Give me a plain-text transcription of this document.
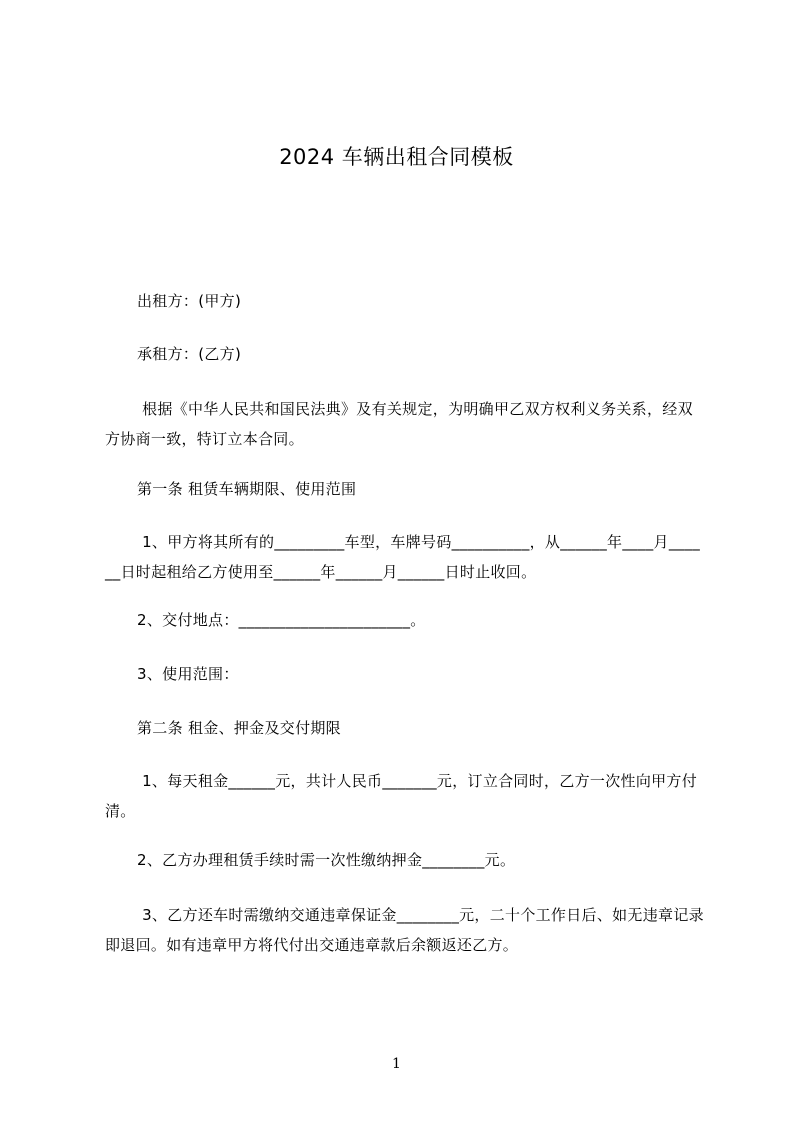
2024 车辆出租合同模板
出租方：(甲方)
承租方：(乙方)
根据《中华人民共和国民法典》及有关规定，为明确甲乙双方权利义务关系，经双方协商一致，特订立本合同。
第一条 租赁车辆期限、使用范围
1、甲方将其所有的_________车型，车牌号码__________，从______年____月______日时起租给乙方使用至______年______月______日时止收回。
2、交付地点：______________________。
3、使用范围：
第二条 租金、押金及交付期限
1、每天租金______元，共计人民币_______元，订立合同时，乙方一次性向甲方付清。
2、乙方办理租赁手续时需一次性缴纳押金________元。
3、乙方还车时需缴纳交通违章保证金________元，二十个工作日后、如无违章记录即退回。如有违章甲方将代付出交通违章款后余额返还乙方。
1
